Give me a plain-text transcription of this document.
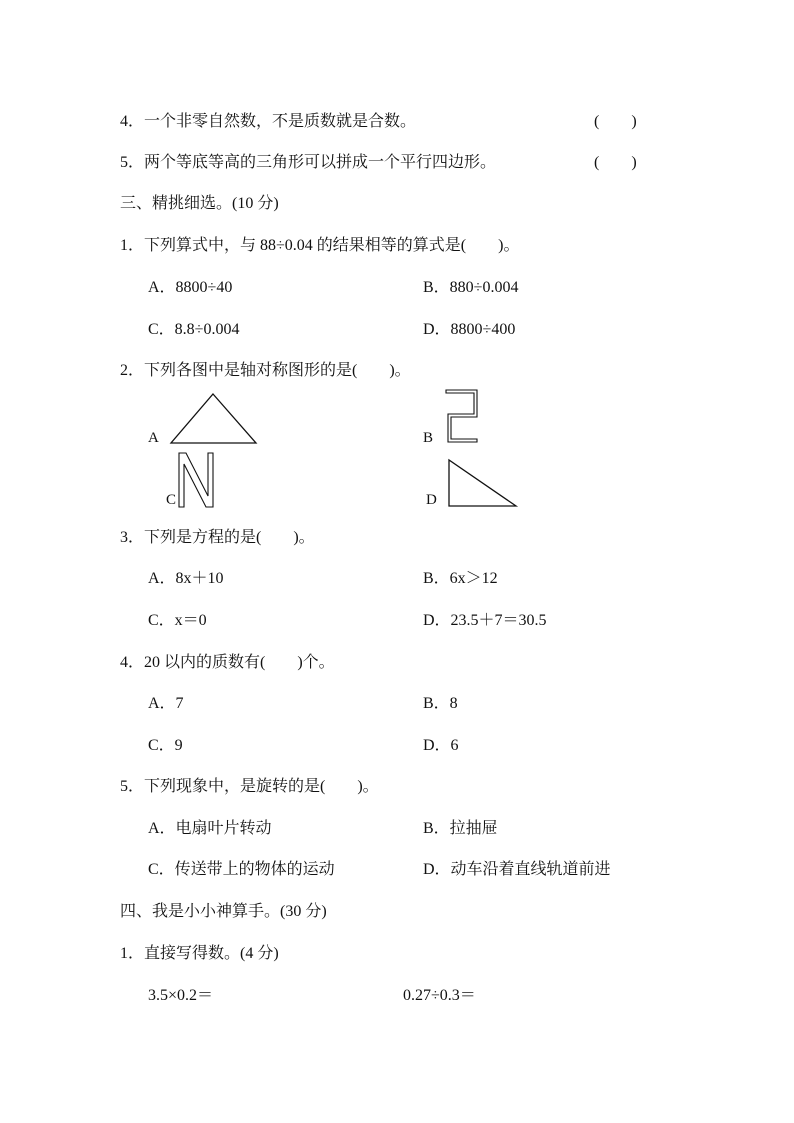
4．一个非零自然数，不是质数就是合数。	(　　)
5．两个等底等高的三角形可以拼成一个平行四边形。	(　　)
三、精挑细选。(10 分)
1．下列算式中，与 88÷0.04 的结果相等的算式是(　　)。
A．8800÷40	B．880÷0.004
C．8.8÷0.004	D．8800÷400
2．下列各图中是轴对称图形的是(　　)。
A	B
C	D
3．下列是方程的是(　　)。
A．8x＋10	B．6x＞12
C．x＝0	D．23.5＋7＝30.5
4．20 以内的质数有(　　)个。
A．7	B．8
C．9	D．6
5．下列现象中，是旋转的是(　　)。
A．电扇叶片转动	B．拉抽屉
C．传送带上的物体的运动	D．动车沿着直线轨道前进
四、我是小小神算手。(30 分)
1．直接写得数。(4 分)
3.5×0.2＝	0.27÷0.3＝
